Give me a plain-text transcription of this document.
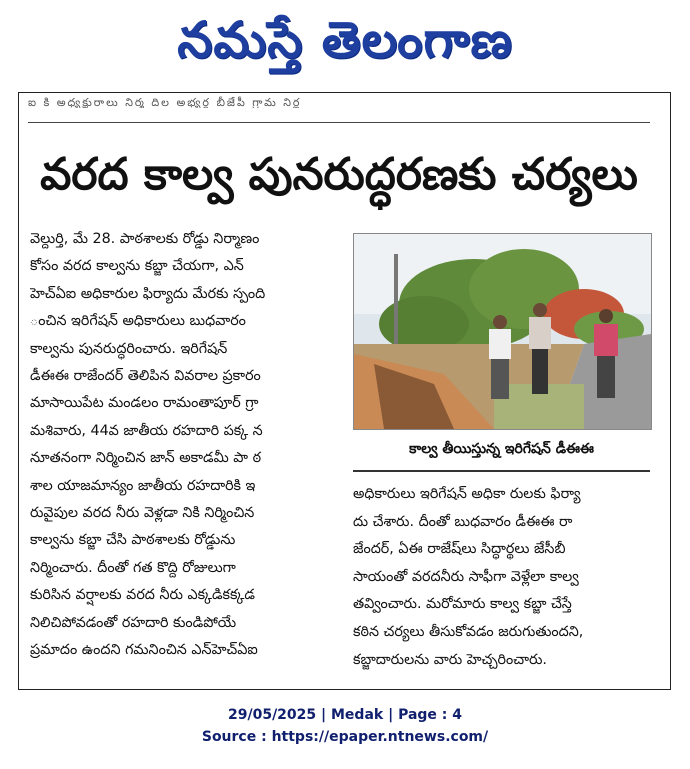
నమస్తే తెలంగాణ
ఐ కి అధ్యక్షురాలు నిర్మ దిల అభ్యర్థ బీజేపీ గ్రామ నిర్ణ
వరద కాల్వ పునరుద్ధరణకు చర్యలు
వెల్దుర్తి, మే 28. పాఠశాలకు రోడ్డు నిర్మాణం
కోసం వరద కాల్వను కబ్జా చేయగా, ఎన్
హెచ్‌ఏఐ అధికారుల ఫిర్యాదు మేరకు స్పంది
ంచిన ఇరిగేషన్ అధికారులు బుధవారం
కాల్వను పునరుద్ధరించారు. ఇరిగేషన్
డీఈఈ రాజేందర్ తెలిపిన వివరాల ప్రకారం
మాసాయిపేట మండలం రామంతాపూర్ గ్రా
మశివారు, 44వ జాతీయ రహదారి పక్క న
నూతనంగా నిర్మించిన జాన్ అకాడమీ పా ఠ
శాల యాజమాన్యం జాతీయ రహదారికి ఇ
రువైపుల వరద నీరు వెళ్లడా నికి నిర్మించిన
కాల్వను కబ్జా చేసి పాఠశాలకు రోడ్డును
నిర్మించారు. దీంతో గత కొద్ది రోజులుగా
కురిసిన వర్షాలకు వరద నీరు ఎక్కడికక్కడ
నిలిచిపోవడంతో రహదారి కుండిపోయే
ప్రమాదం ఉందని గమనించిన ఎన్‌హెచ్‌ఏఐ
కాల్వ తీయిస్తున్న ఇరిగేషన్ డీఈఈ
అధికారులు ఇరిగేషన్ అధికా రులకు ఫిర్యా
దు చేశారు. దీంతో బుధవారం డీఈఈ రా
జేందర్, ఏఈ రాజేష్‌లు సిద్ధార్థలు జేసీబీ
సాయంతో వరదనీరు సాఫీగా వెళ్లేలా కాల్వ
తవ్వించారు. మరోమారు కాల్వ కబ్జా చేస్తే
కఠిన చర్యలు తీసుకోవడం జరుగుతుందని,
కబ్జాదారులను వారు హెచ్చరించారు.
29/05/2025 | Medak | Page : 4
Source : https://epaper.ntnews.com/
